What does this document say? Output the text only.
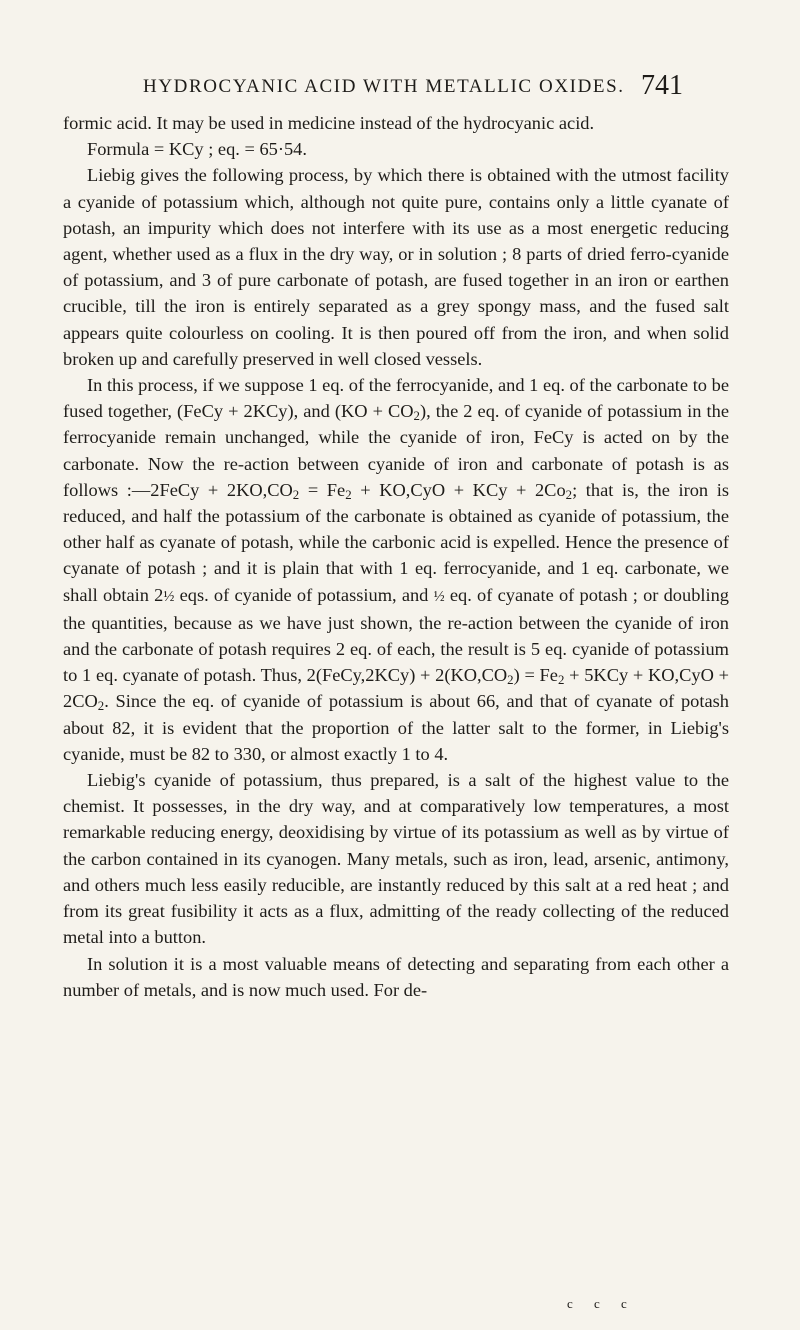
HYDROCYANIC ACID WITH METALLIC OXIDES. 741

formic acid. It may be used in medicine instead of the hydrocyanic acid.

Formula = KCy ; eq. = 65·54.

Liebig gives the following process, by which there is obtained with the utmost facility a cyanide of potassium which, although not quite pure, contains only a little cyanate of potash, an impurity which does not interfere with its use as a most energetic reducing agent, whether used as a flux in the dry way, or in solution ; 8 parts of dried ferro-cyanide of potassium, and 3 of pure carbonate of potash, are fused together in an iron or earthen crucible, till the iron is entirely separated as a grey spongy mass, and the fused salt appears quite colourless on cooling. It is then poured off from the iron, and when solid broken up and carefully preserved in well closed vessels.

In this process, if we suppose 1 eq. of the ferrocyanide, and 1 eq. of the carbonate to be fused together, (FeCy + 2KCy), and $(KO + CO_2)$, the 2 eq. of cyanide of potassium in the ferrocyanide remain unchanged, while the cyanide of iron, FeCy is acted on by the carbonate. Now the re-action between cyanide of iron and carbonate of potash is as follows :—2FeCy + $2KO,CO_2 = Fe_2 + KO,CyO$ + KCy + $2Co_2$; that is, the iron is reduced, and half the potassium of the carbonate is obtained as cyanide of potassium, the other half as cyanate of potash, while the carbonic acid is expelled. Hence the presence of cyanate of potash ; and it is plain that with 1 eq. ferrocyanide, and 1 eq. carbonate, we shall obtain 2½ eqs. of cyanide of potassium, and ½ eq. of cyanate of potash ; or doubling the quantities, because as we have just shown, the re-action between the cyanide of iron and the carbonate of potash requires 2 eq. of each, the result is 5 eq. cyanide of potassium to 1 eq. cyanate of potash. Thus, 2(FeCy,2KCy) + $2(KO,CO_2) = Fe_2 + 5KCy + KO,CyO + 2CO_2$. Since the eq. of cyanide of potassium is about 66, and that of cyanate of potash about 82, it is evident that the proportion of the latter salt to the former, in Liebig's cyanide, must be 82 to 330, or almost exactly 1 to 4.

Liebig's cyanide of potassium, thus prepared, is a salt of the highest value to the chemist. It possesses, in the dry way, and at comparatively low temperatures, a most remarkable reducing energy, deoxidising by virtue of its potassium as well as by virtue of the carbon contained in its cyanogen. Many metals, such as iron, lead, arsenic, antimony, and others much less easily reducible, are instantly reduced by this salt at a red heat ; and from its great fusibility it acts as a flux, admitting of the ready collecting of the reduced metal into a button.

In solution it is a most valuable means of detecting and separating from each other a number of metals, and is now much used. For de-

c c c
